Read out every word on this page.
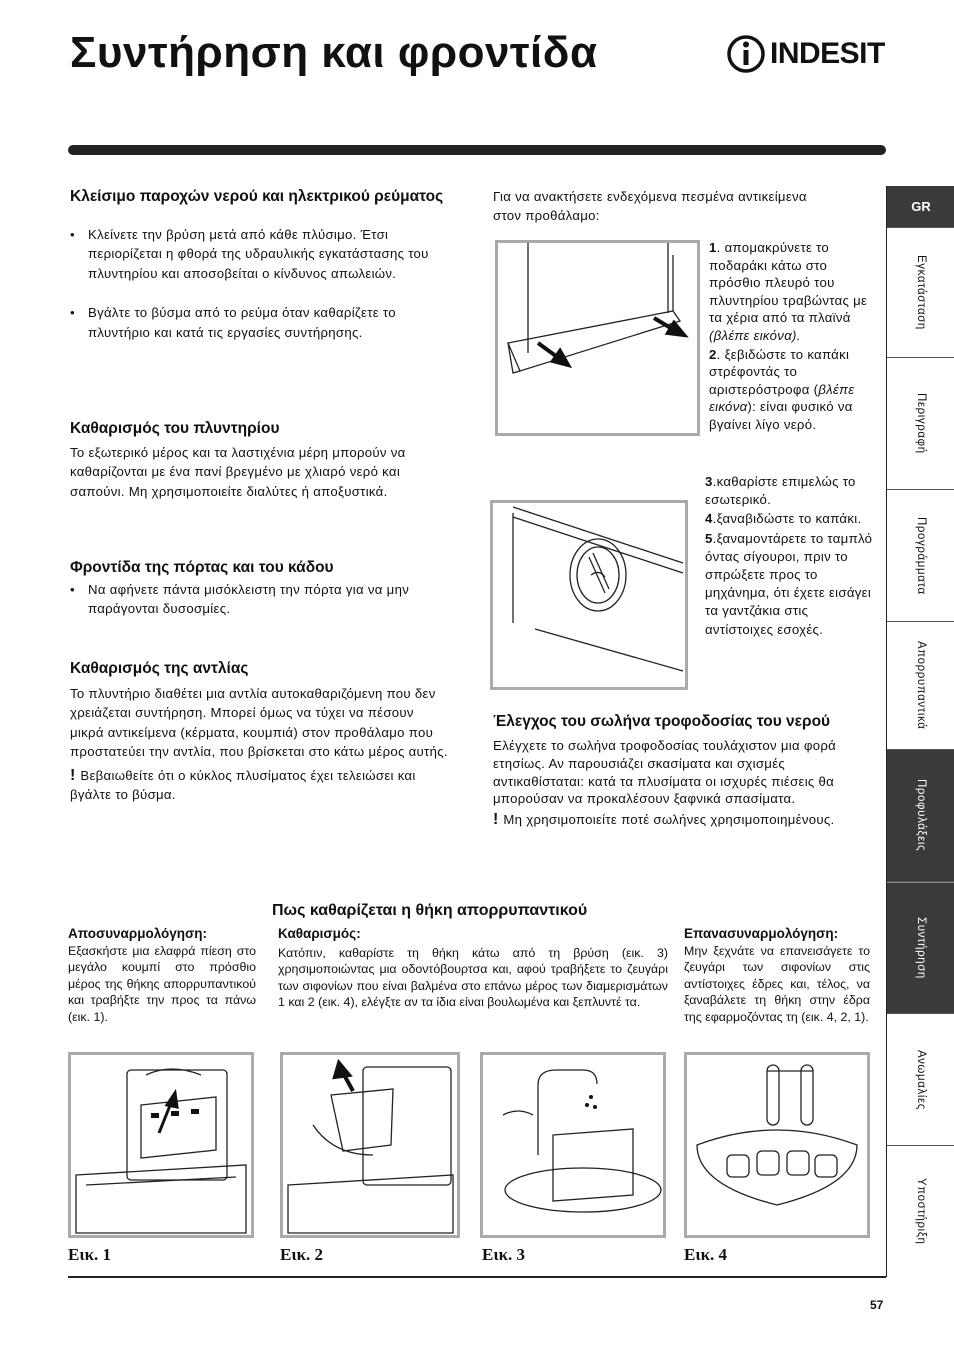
Συντήρηση και φροντίδα	INDESIT
Κλείσιμο παροχών νερού και ηλεκτρικού ρεύματος
• Κλείνετε την βρύση μετά από κάθε πλύσιμο. Έτσι περιορίζεται η φθορά της υδραυλικής εγκατάστασης του πλυντηρίου και αποσοβείται ο κίνδυνος απωλειών.
• Βγάλτε το βύσμα από το ρεύμα όταν καθαρίζετε το πλυντήριο και κατά τις εργασίες συντήρησης.
Καθαρισμός του πλυντηρίου

Το εξωτερικό μέρος και τα λαστιχένια μέρη μπορούν να καθαρίζονται με ένα πανί βρεγμένο με χλιαρό νερό και σαπούνι. Μη χρησιμοποιείτε διαλύτες ή αποξυστικά.

Φροντίδα της πόρτας και του κάδου
• Να αφήνετε πάντα μισόκλειστη την πόρτα για να μην παράγονται δυσοσμίες.
Καθαρισμός της αντλίας

Το πλυντήριο διαθέτει μια αντλία αυτοκαθαριζόμενη που δεν χρειάζεται συντήρηση. Μπορεί όμως να τύχει να πέσουν μικρά αντικείμενα (κέρματα, κουμπιά) στον προθάλαμο που προστατεύει την αντλία, που βρίσκεται στο κάτω μέρος αυτής.

! Βεβαιωθείτε ότι ο κύκλος πλυσίματος έχει τελειώσει και βγάλτε το βύσμα.

Για να ανακτήσετε ενδεχόμενα πεσμένα αντικείμενα στον προθάλαμο:

1. απομακρύνετε το ποδαράκι κάτω στο πρόσθιο πλευρό του πλυντηρίου τραβώντας με τα χέρια από τα πλαϊνά (βλέπε εικόνα).

2. ξεβιδώστε το καπάκι στρέφοντάς το αριστερόστροφα (βλέπε εικόνα): είναι φυσικό να βγαίνει λίγο νερό.

3.καθαρίστε επιμελώς το εσωτερικό.

4.ξαναβιδώστε το καπάκι.

5.ξαναμοντάρετε το ταμπλό όντας σίγουροι, πριν το σπρώξετε προς το μηχάνημα, ότι έχετε εισάγει τα γαντζάκια στις αντίστοιχες εσοχές.

Έλεγχος του σωλήνα τροφοδοσίας του νερού

Ελέγχετε το σωλήνα τροφοδοσίας τουλάχιστον μια φορά ετησίως. Αν παρουσιάζει σκασίματα και σχισμές αντικαθίσταται: κατά τα πλυσίματα οι ισχυρές πιέσεις θα μπορούσαν να προκαλέσουν ξαφνικά σπασίματα.

! Μη χρησιμοποιείτε ποτέ σωλήνες χρησιμοποιημένους.

Πως καθαρίζεται η θήκη απορρυπαντικού
Αποσυναρμολόγηση:

Εξασκήστε μια ελαφρά πίεση στο μεγάλο κουμπί στο πρόσθιο μέρος της θήκης απορρυπαντικού και τραβήξτε την προς τα πάνω (εικ. 1).

Καθαρισμός:

Κατόπιν, καθαρίστε τη θήκη κάτω από τη βρύση (εικ. 3) χρησιμοποιώντας μια οδοντόβουρτσα και, αφού τραβήξετε το ζευγάρι των σιφονίων που είναι βαλμένα στο επάνω μέρος των διαμερισμάτων 1 και 2 (εικ. 4), ελέγξτε αν τα ίδια είναι βουλωμένα και ξεπλυντέ τα.

Επανασυναρμολόγηση:

Μην ξεχνάτε να επανεισάγετε το ζευγάρι των σιφονίων στις αντίστοιχες έδρες και, τέλος, να ξαναβάλετε τη θήκη στην έδρα της εφαρμοζόντας τη (εικ. 4, 2, 1).

Εικ. 1	Εικ. 2	Εικ. 3	Εικ. 4
GR
Εγκατάσταση
Περιγραφή
Προγράμματα
Απορρυπαντικά
Προφυλάξεις
Συντήρηση
Ανωμαλίες
Υποστήριξη
57
